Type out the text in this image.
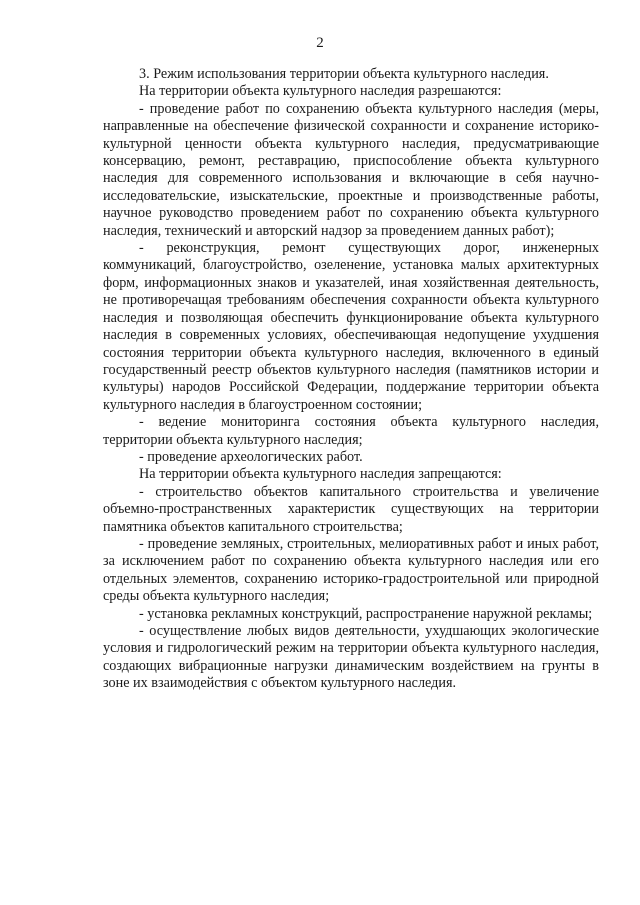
2

3. Режим использования территории объекта культурного наследия.

На территории объекта культурного наследия разрешаются:

- проведение работ по сохранению объекта культурного наследия (меры, направленные на обеспечение физической сохранности и сохранение историко-культурной ценности объекта культурного наследия, предусматривающие консервацию, ремонт, реставрацию, приспособление объекта культурного наследия для современного использования и включающие в себя научно-исследовательские, изыскательские, проектные и производственные работы, научное руководство проведением работ по сохранению объекта культурного наследия, технический и авторский надзор за проведением данных работ);

- реконструкция, ремонт существующих дорог, инженерных коммуникаций, благоустройство, озеленение, установка малых архитектурных форм, информационных знаков и указателей, иная хозяйственная деятельность, не противоречащая требованиям обеспечения сохранности объекта культурного наследия и позволяющая обеспечить функционирование объекта культурного наследия в современных условиях, обеспечивающая недопущение ухудшения состояния территории объекта культурного наследия, включенного в единый государственный реестр объектов культурного наследия (памятников истории и культуры) народов Российской Федерации, поддержание территории объекта культурного наследия в благоустроенном состоянии;

- ведение мониторинга состояния объекта культурного наследия, территории объекта культурного наследия;

- проведение археологических работ.

На территории объекта культурного наследия запрещаются:

- строительство объектов капитального строительства и увеличение объемно-пространственных характеристик существующих на территории памятника объектов капитального строительства;

- проведение земляных, строительных, мелиоративных работ и иных работ, за исключением работ по сохранению объекта культурного наследия или его отдельных элементов, сохранению историко-градостроительной или природной среды объекта культурного наследия;

- установка рекламных конструкций, распространение наружной рекламы;

- осуществление любых видов деятельности, ухудшающих экологические условия и гидрологический режим на территории объекта культурного наследия, создающих вибрационные нагрузки динамическим воздействием на грунты в зоне их взаимодействия с объектом культурного наследия.
